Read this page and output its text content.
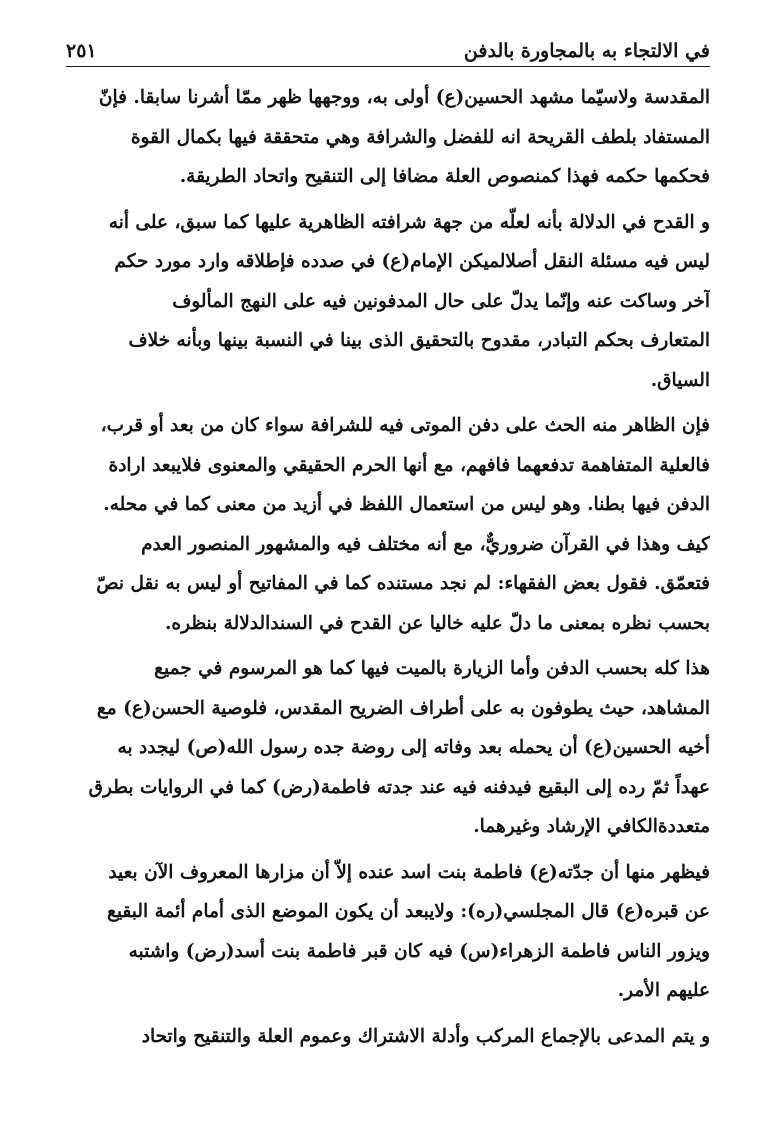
في الالتجاء به بالمجاورة بالدفن
٢٥١
المقدسة ولاسيّما مشهد الحسين(ع) أولى به، ووجهها ظهر ممّا أشرنا سابقا. فإنّ
المستفاد بلطف القريحة انه للفضل والشرافة وهي متحققة فيها بكمال القوة
فحكمها حكمه فهذا كمنصوص العلة مضافا إلى التنقيح واتحاد الطريقة.
و القدح في الدلالة بأنه لعلّه من جهة شرافته الظاهرية عليها كما سبق، على أنه
ليس فيه مسئلة النقل أصلالميكن الإمام(ع) في صدده فإطلاقه وارد مورد حكم
آخر وساكت عنه وإنّما يدلّ على حال المدفونين فيه على النهج المألوف
المتعارف بحكم التبادر، مقدوح بالتحقيق الذى بينا في النسبة بينها وبأنه خلاف
السياق.
فإن الظاهر منه الحث على دفن الموتى فيه للشرافة سواء كان من بعد أو قرب،
فالعلية المتفاهمة تدفعهما فافهم، مع أنها الحرم الحقيقي والمعنوى فلايبعد ارادة
الدفن فيها بطنا. وهو ليس من استعمال اللفظ في أزيد من معنى كما في محله.
كيف وهذا في القرآن ضروريٌّ، مع أنه مختلف فيه والمشهور المنصور العدم
فتعمّق. فقول بعض الفقهاء: لم نجد مستنده كما في المفاتيح أو ليس به نقل نصّ
بحسب نظره بمعنى ما دلّ عليه خاليا عن القدح في السندالدلالة بنظره.
هذا كله بحسب الدفن وأما الزيارة بالميت فيها كما هو المرسوم في جميع
المشاهد، حيث يطوفون به على أطراف الضريح المقدس، فلوصية الحسن(ع) مع
أخيه الحسين(ع) أن يحمله بعد وفاته إلى روضة جده رسول الله(ص) ليجدد به
عهداً ثمّ رده إلى البقيع فيدفنه فيه عند جدته فاطمة(رض) كما في الروايات بطرق
متعددةالكافي الإرشاد وغيرهما.
فيظهر منها أن جدّته(ع) فاطمة بنت اسد عنده إلاّ أن مزارها المعروف الآن بعيد
عن قبره(ع) قال المجلسي(ره): ولايبعد أن يكون الموضع الذى أمام أئمة البقيع
ويزور الناس فاطمة الزهراء(س) فيه كان قبر فاطمة بنت أسد(رض) واشتبه
عليهم الأمر.
و يتم المدعى بالإجماع المركب وأدلة الاشتراك وعموم العلة والتنقيح واتحاد
